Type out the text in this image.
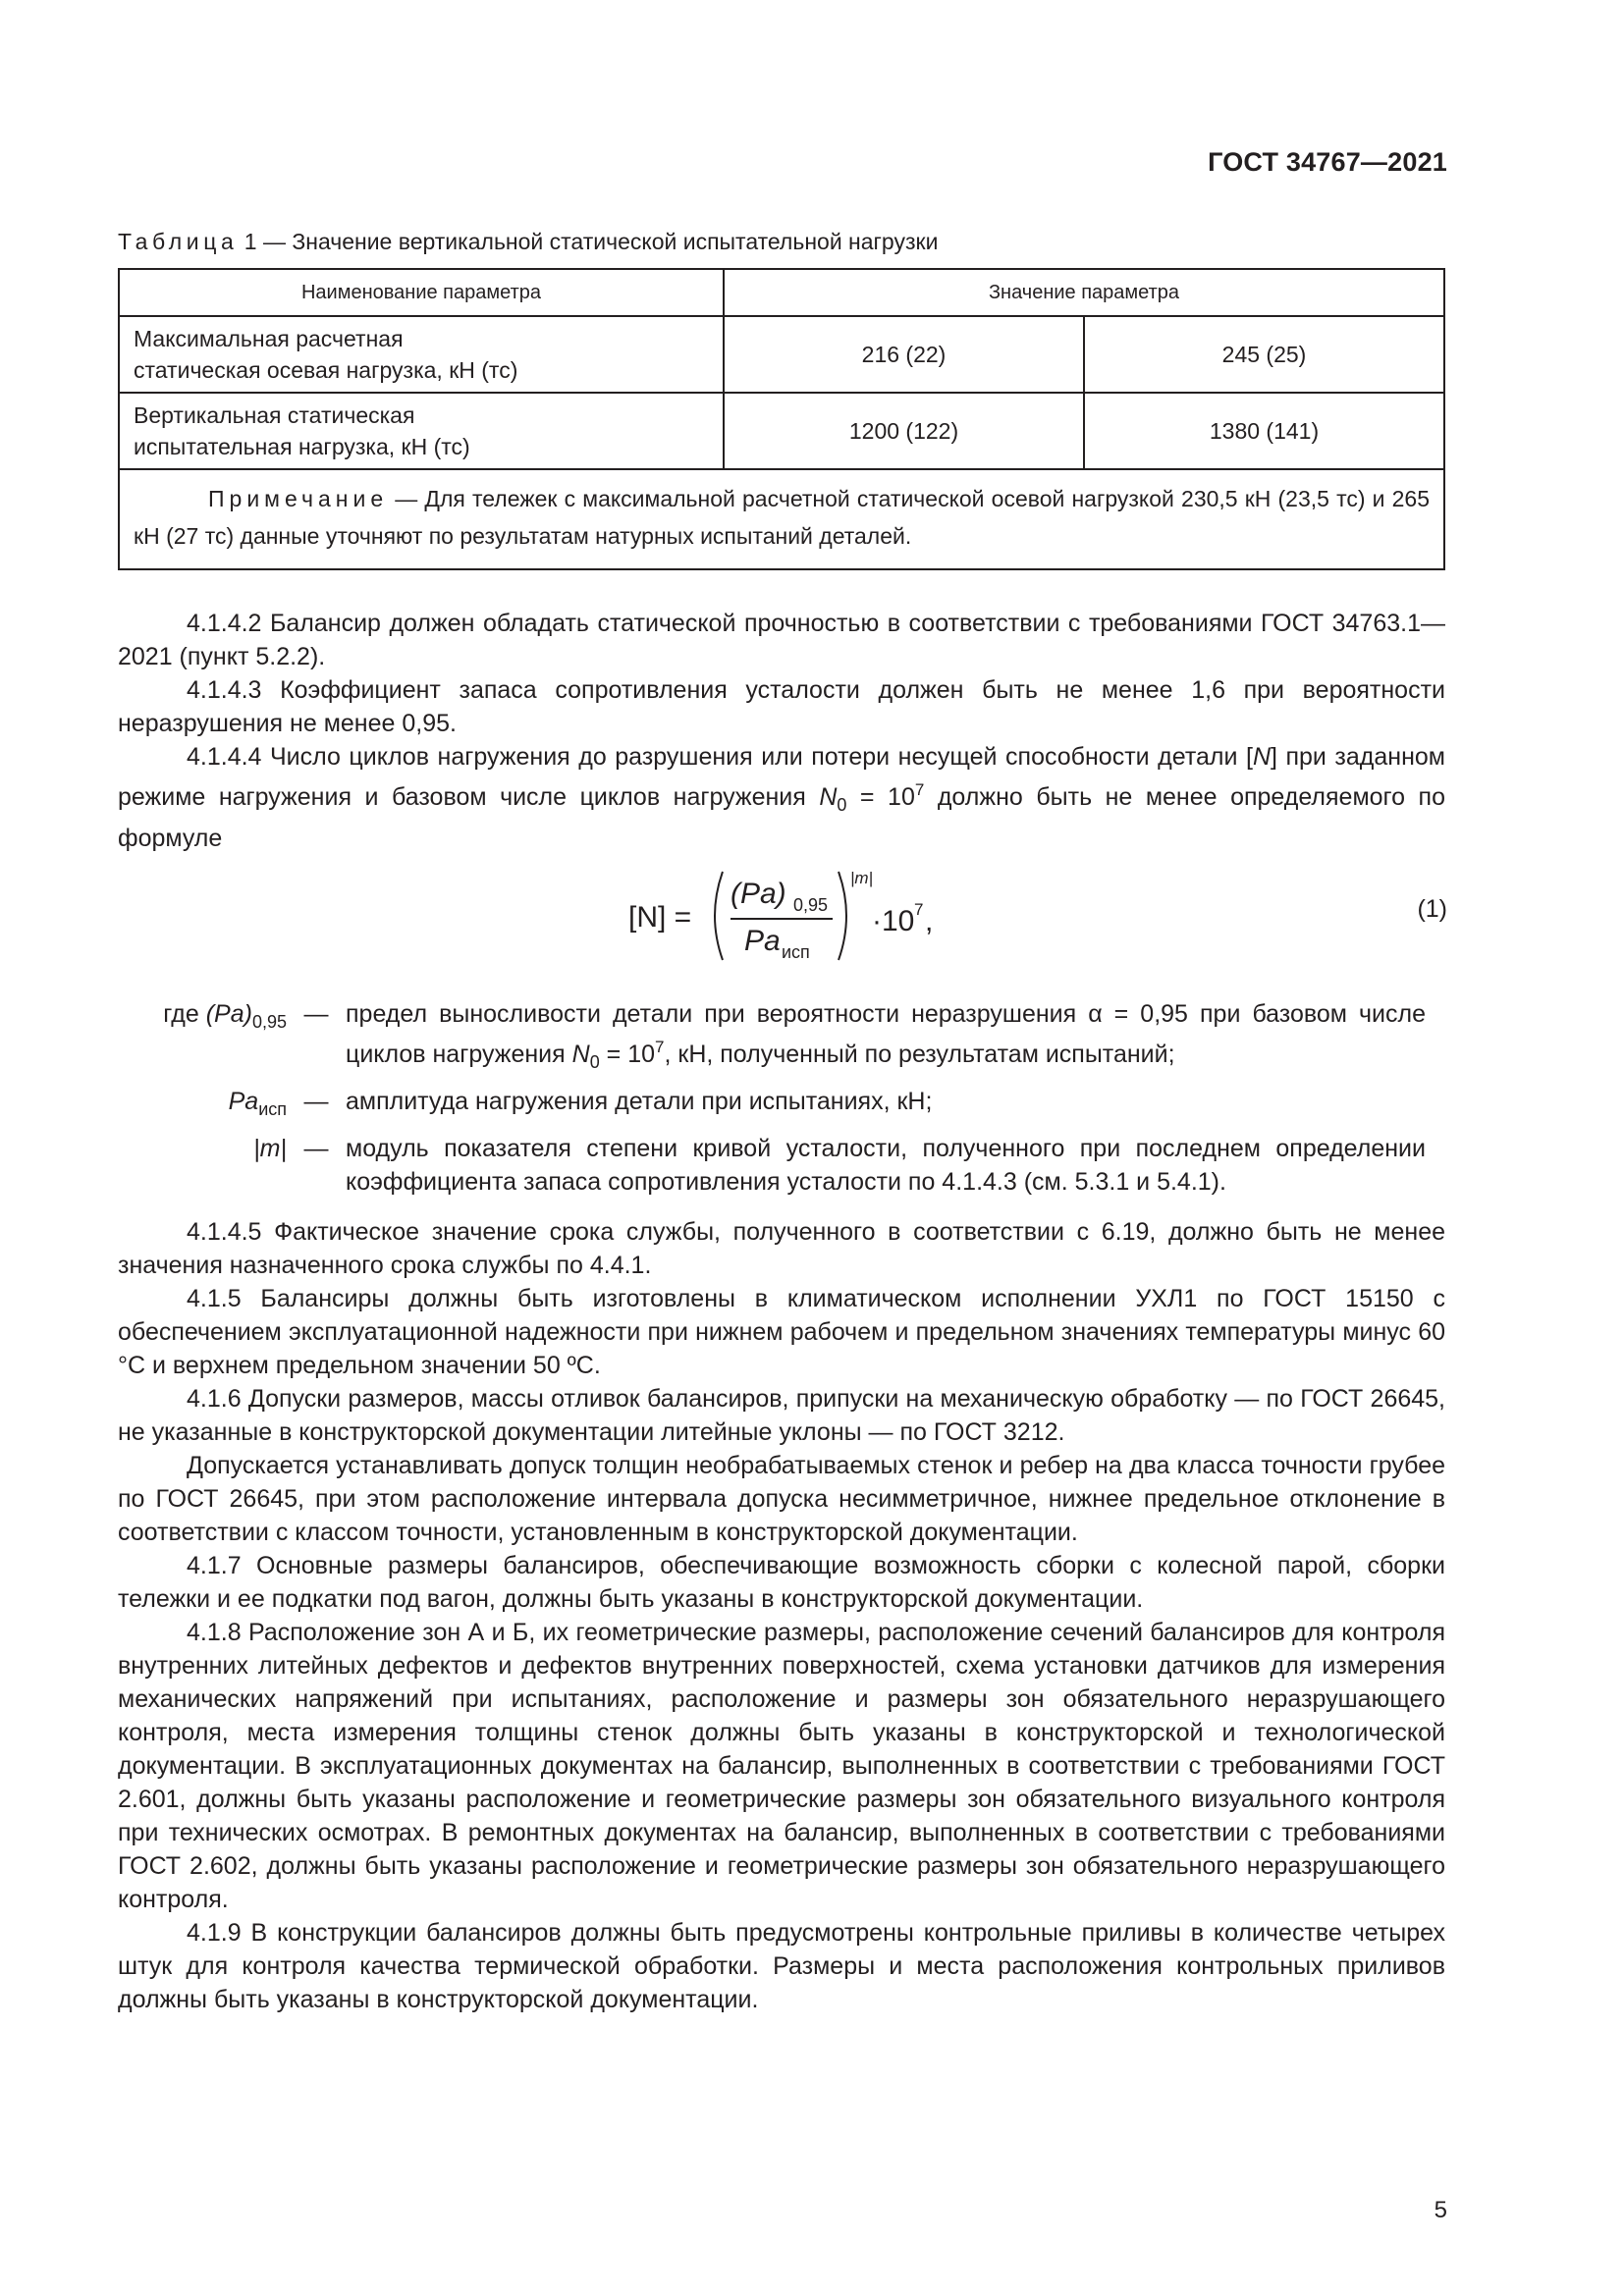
ГОСТ 34767—2021
Таблица 1 — Значение вертикальной статической испытательной нагрузки
Наименование параметра	Значение параметра	
Максимальная расчетная
статическая осевая нагрузка, кН (тс)	216 (22)	245 (25)
Вертикальная статическая
испытательная нагрузка, кН (тс)	1200 (122)	1380 (141)
Примечание — Для тележек с максимальной расчетной статической осевой нагрузкой 230,5 кН (23,5 тс) и 265 кН (27 тс) данные уточняют по результатам натурных испытаний деталей.		

4.1.4.2 Балансир должен обладать статической прочностью в соответствии с требованиями ГОСТ 34763.1—2021 (пункт 5.2.2).

4.1.4.3 Коэффициент запаса сопротивления усталости должен быть не менее 1,6 при вероятности неразрушения не менее 0,95.

4.1.4.4 Число циклов нагружения до разрушения или потери несущей способности детали [N] при заданном режиме нагружения и базовом числе циклов нагружения $N_0 = 10^7$ должно быть не менее определяемого по формуле

[N] =
(Pa) 0,95
Pa исп
|m|
·10 7 ,	(1)
где $(Pa)_{0,95}$ — предел выносливости детали при вероятности неразрушения α = 0,95 при базовом числе циклов нагружения $N_0 = 10^7$, кН, полученный по результатам испытаний;
$Pa_{исп}$ — амплитуда нагружения детали при испытаниях, кН;
|m| — модуль показателя степени кривой усталости, полученного при последнем определении коэффициента запаса сопротивления усталости по 4.1.4.3 (см. 5.3.1 и 5.4.1).

4.1.4.5 Фактическое значение срока службы, полученного в соответствии с 6.19, должно быть не менее значения назначенного срока службы по 4.4.1.

4.1.5 Балансиры должны быть изготовлены в климатическом исполнении УХЛ1 по ГОСТ 15150 с обеспечением эксплуатационной надежности при нижнем рабочем и предельном значениях температуры минус 60 °С и верхнем предельном значении 50 ºС.

4.1.6 Допуски размеров, массы отливок балансиров, припуски на механическую обработку — по ГОСТ 26645, не указанные в конструкторской документации литейные уклоны — по ГОСТ 3212.

Допускается устанавливать допуск толщин необрабатываемых стенок и ребер на два класса точности грубее по ГОСТ 26645, при этом расположение интервала допуска несимметричное, нижнее предельное отклонение в соответствии с классом точности, установленным в конструкторской документации.

4.1.7 Основные размеры балансиров, обеспечивающие возможность сборки с колесной парой, сборки тележки и ее подкатки под вагон, должны быть указаны в конструкторской документации.

4.1.8 Расположение зон А и Б, их геометрические размеры, расположение сечений балансиров для контроля внутренних литейных дефектов и дефектов внутренних поверхностей, схема установки датчиков для измерения механических напряжений при испытаниях, расположение и размеры зон обязательного неразрушающего контроля, места измерения толщины стенок должны быть указаны в конструкторской и технологической документации. В эксплуатационных документах на балансир, выполненных в соответствии с требованиями ГОСТ 2.601, должны быть указаны расположение и геометрические размеры зон обязательного визуального контроля при технических осмотрах. В ремонтных документах на балансир, выполненных в соответствии с требованиями ГОСТ 2.602, должны быть указаны расположение и геометрические размеры зон обязательного неразрушающего контроля.

4.1.9 В конструкции балансиров должны быть предусмотрены контрольные приливы в количестве четырех штук для контроля качества термической обработки. Размеры и места расположения контрольных приливов должны быть указаны в конструкторской документации.

5
